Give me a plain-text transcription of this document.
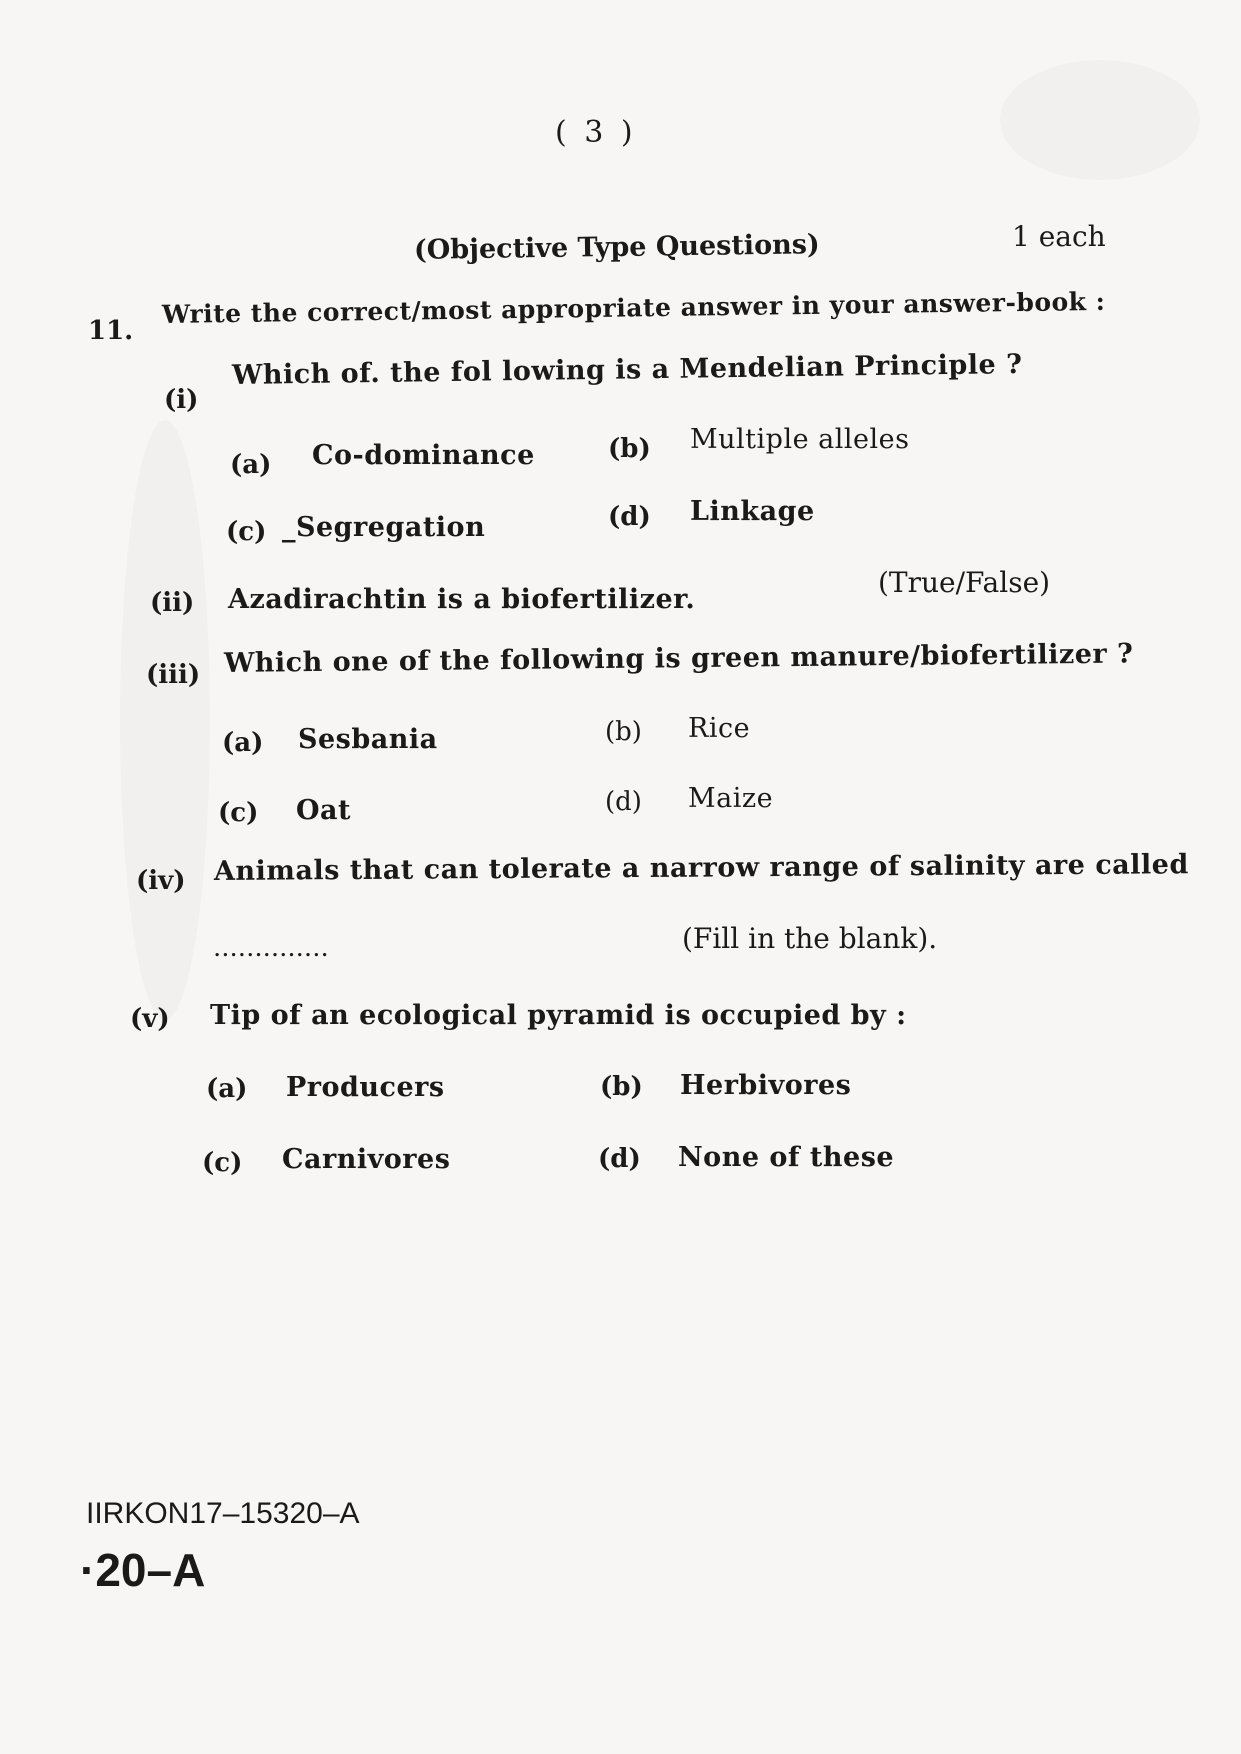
( 3 )
(Objective Type Questions)	1 each
11.
Write the correct/most appropriate answer in your answer-book :
(i)
Which of. the fol lowing is a Mendelian Principle ?
(a) Co-dominance	(b) Multiple alleles
(c) _Segregation	(d) Linkage
(ii) Azadirachtin is a biofertilizer.
(True/False)
(iii) Which one of the following is green manure/biofertilizer ?
(a) Sesbania	(b) Rice
(c) Oat	(d) Maize
(iv) Animals that can tolerate a narrow range of salinity are called
..............	(Fill in the blank).
(v) Tip of an ecological pyramid is occupied by :
(a) Producers	(b) Herbivores
(c) Carnivores	(d) None of these
IIRKON17–15320–A
·20–A
